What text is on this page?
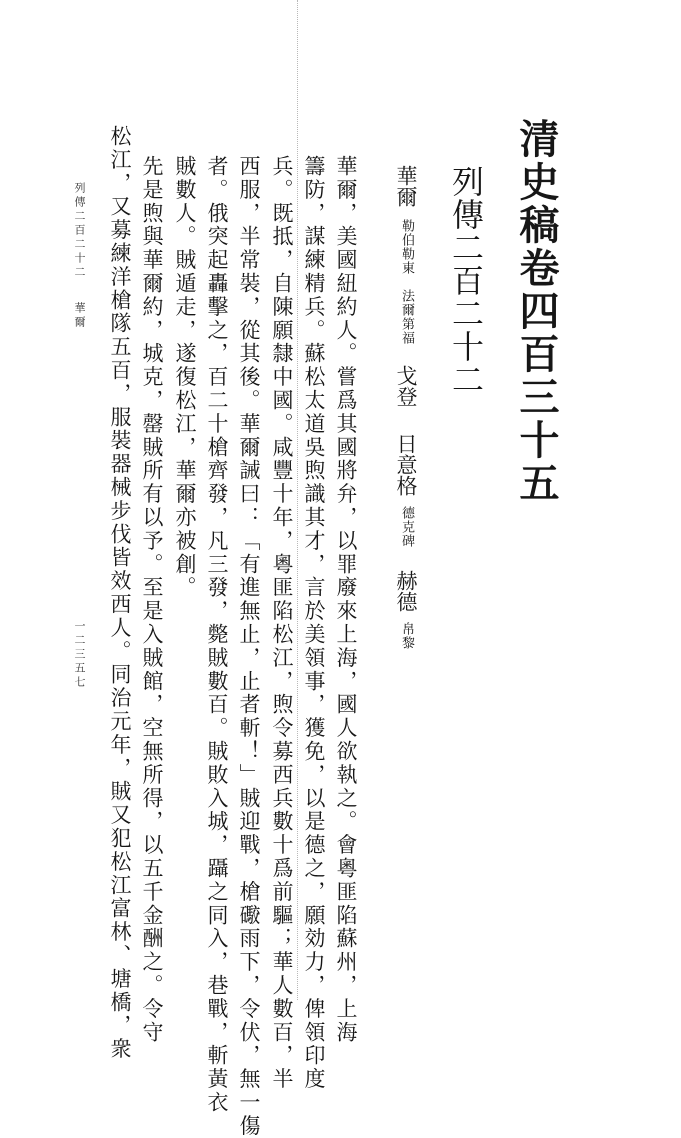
清史稿卷四百三十五
列傳二百二十二
華爾勒伯勒東　法爾第福戈登日意格德克碑赫德帛黎
華爾，美國紐約人。嘗爲其國將弁，以罪廢來上海，國人欲執之。會粵匪陷蘇州，上海
籌防，謀練精兵。蘇松太道吳煦識其才，言於美領事，獲免，以是德之，願効力，俾領印度
兵。既抵，自陳願隸中國。咸豐十年，粵匪陷松江，煦令募西兵數十爲前驅；華人數百，半
西服，半常裝，從其後。華爾誡曰：「有進無止，止者斬！」賊迎戰，槍礮雨下，令伏，無一傷
者。俄突起轟擊之，百二十槍齊發，凡三發，斃賊數百。賊敗入城，躡之同入，巷戰，斬黃衣
賊數人。賊遁走，遂復松江，華爾亦被創。
先是煦與華爾約，城克，罄賊所有以予。至是入賊館，空無所得，以五千金酬之。令守
松江，又募練洋槍隊五百，服裝器械步伐皆效西人。同治元年，賊又犯松江富林、塘橋，衆
列傳二百二十二華爾一二三五七
